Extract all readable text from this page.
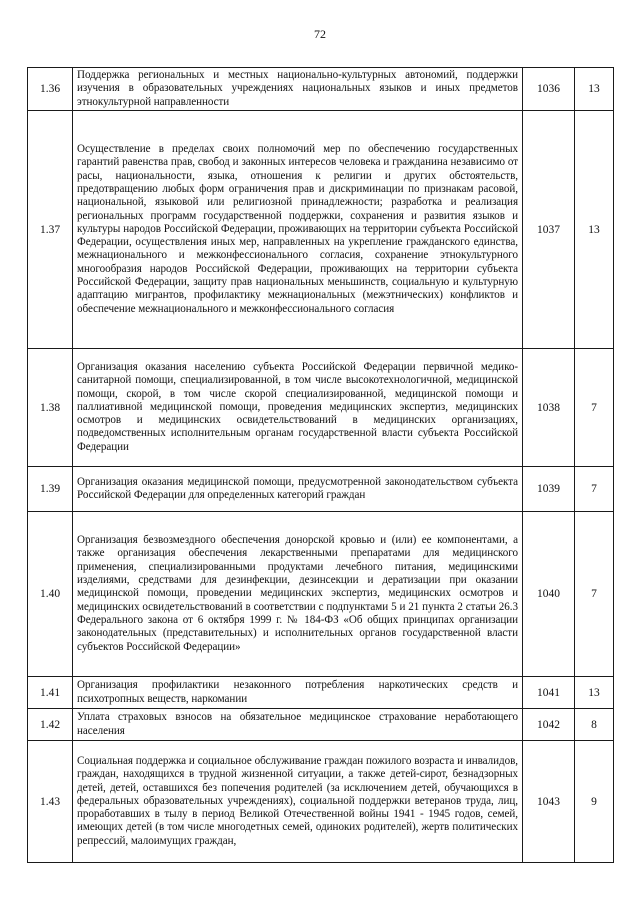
72
1.36	Поддержка региональных и местных национально-культурных автономий, поддержки изучения в образовательных учреждениях национальных языков и иных предметов этнокультурной направленности	1036	13
1.37	Осуществление в пределах своих полномочий мер по обеспечению государственных гарантий равенства прав, свобод и законных интересов человека и гражданина независимо от расы, национальности, языка, отношения к религии и других обстоятельств, предотвращению любых форм ограничения прав и дискриминации по признакам расовой, национальной, языковой или религиозной принадлежности; разработка и реализация региональных программ государственной поддержки, сохранения и развития языков и культуры народов Российской Федерации, проживающих на территории субъекта Российской Федерации, осуществления иных мер, направленных на укрепление гражданского единства, межнационального и межконфессионального согласия, сохранение этнокультурного многообразия народов Российской Федерации, проживающих на территории субъекта Российской Федерации, защиту прав национальных меньшинств, социальную и культурную адаптацию мигрантов, профилактику межнациональных (межэтнических) конфликтов и обеспечение межнационального и межконфессионального согласия	1037	13
1.38	Организация оказания населению субъекта Российской Федерации первичной медико-санитарной помощи, специализированной, в том числе высокотехнологичной, медицинской помощи, скорой, в том числе скорой специализированной, медицинской помощи и паллиативной медицинской помощи, проведения медицинских экспертиз, медицинских осмотров и медицинских освидетельствований в медицинских организациях, подведомственных исполнительным органам государственной власти субъекта Российской Федерации	1038	7
1.39	Организация оказания медицинской помощи, предусмотренной законодательством субъекта Российской Федерации для определенных категорий граждан	1039	7
1.40	Организация безвозмездного обеспечения донорской кровью и (или) ее компонентами, а также организация обеспечения лекарственными препаратами для медицинского применения, специализированными продуктами лечебного питания, медицинскими изделиями, средствами для дезинфекции, дезинсекции и дератизации при оказании медицинской помощи, проведении медицинских экспертиз, медицинских осмотров и медицинских освидетельствований в соответствии с подпунктами 5 и 21 пункта 2 статьи 26.3 Федерального закона от 6 октября 1999 г. № 184-ФЗ «Об общих принципах организации законодательных (представительных) и исполнительных органов государственной власти субъектов Российской Федерации»	1040	7
1.41	Организация профилактики незаконного потребления наркотических средств и психотропных веществ, наркомании	1041	13
1.42	Уплата страховых взносов на обязательное медицинское страхование неработающего населения	1042	8
1.43	Социальная поддержка и социальное обслуживание граждан пожилого возраста и инвалидов, граждан, находящихся в трудной жизненной ситуации, а также детей-сирот, безнадзорных детей, детей, оставшихся без попечения родителей (за исключением детей, обучающихся в федеральных образовательных учреждениях), социальной поддержки ветеранов труда, лиц, проработавших в тылу в период Великой Отечественной войны 1941 - 1945 годов, семей, имеющих детей (в том числе многодетных семей, одиноких родителей), жертв политических репрессий, малоимущих граждан,	1043	9
